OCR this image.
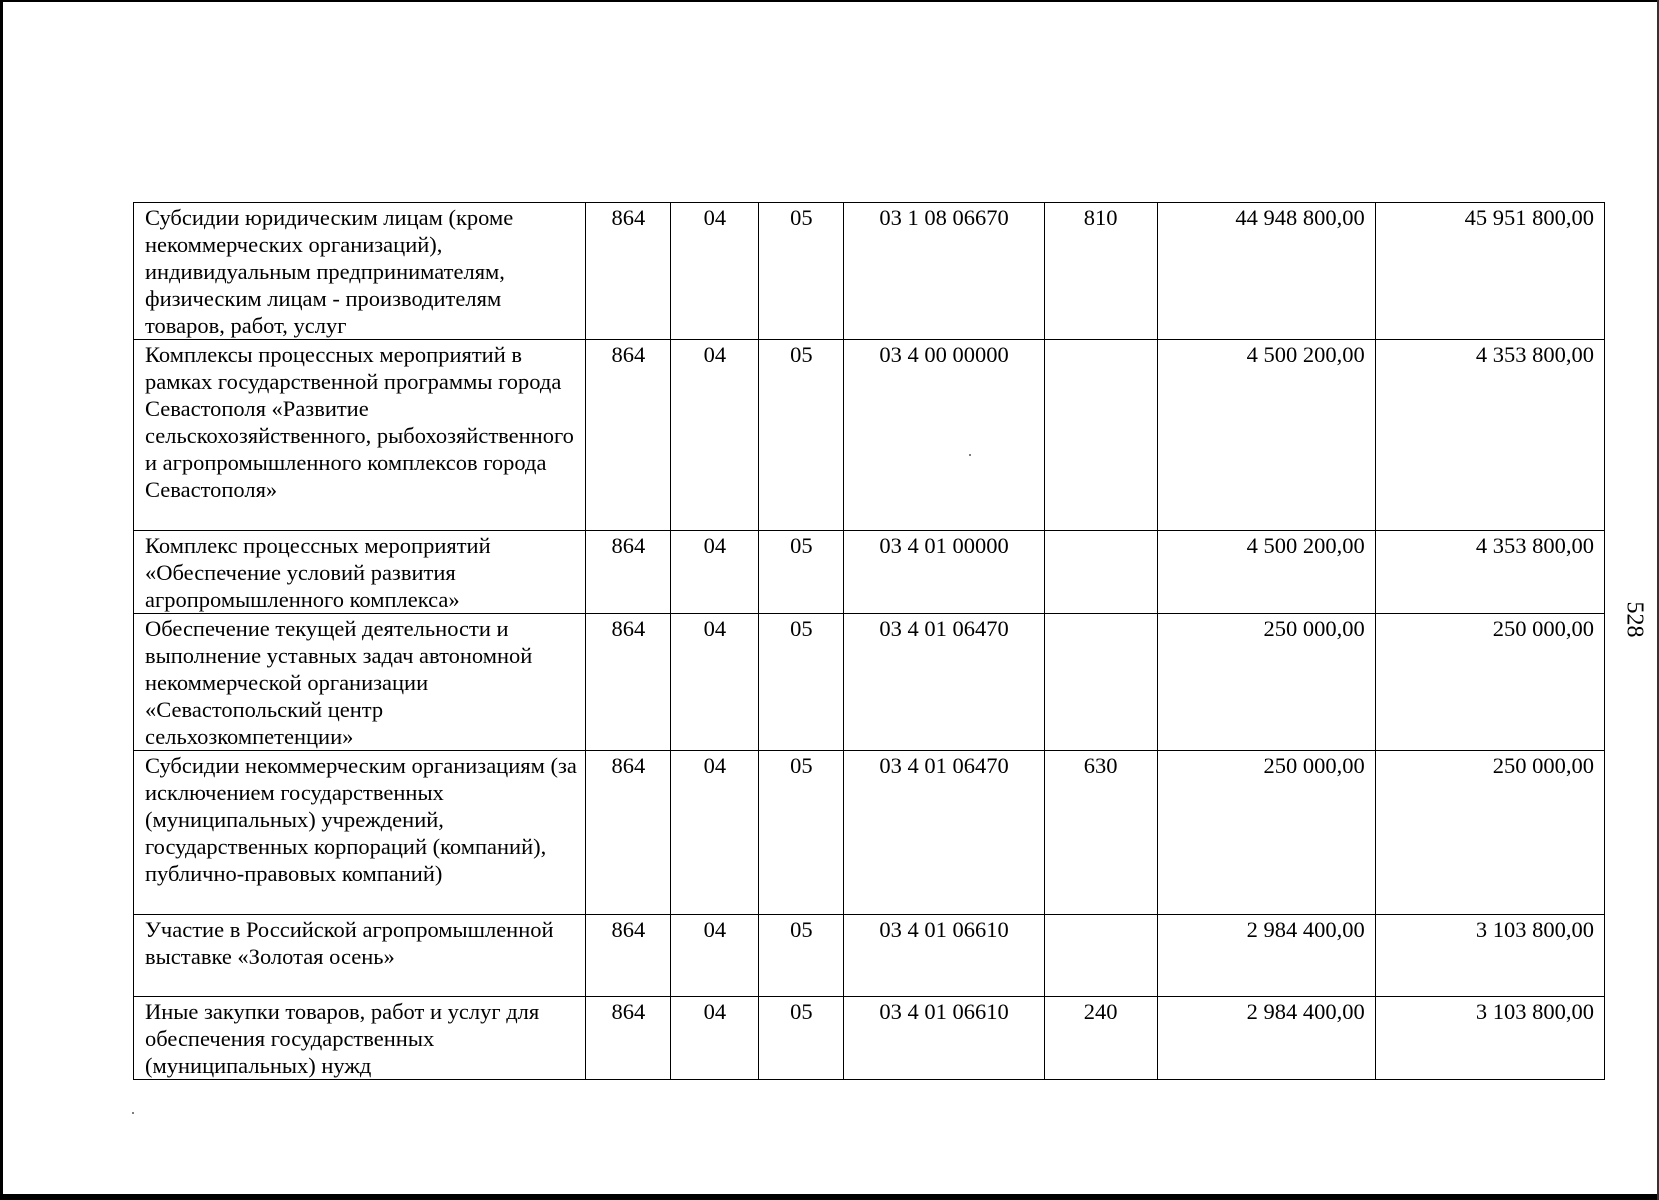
Субсидии юридическим лицам (кроме некоммерческих организаций), индивидуальным предпринимателям, физическим лицам - производителям товаров, работ, услуг	864	04	05	03 1 08 06670	810	44 948 800,00	45 951 800,00
Комплексы процессных мероприятий в рамках государственной программы города Севастополя «Развитие сельскохозяйственного, рыбохозяйственного и агропромышленного комплексов города Севастополя»	864	04	05	03 4 00 00000		4 500 200,00	4 353 800,00
Комплекс процессных мероприятий «Обеспечение условий развития агропромышленного комплекса»	864	04	05	03 4 01 00000		4 500 200,00	4 353 800,00
Обеспечение текущей деятельности и выполнение уставных задач автономной некоммерческой организации «Севастопольский центр сельхозкомпетенции»	864	04	05	03 4 01 06470		250 000,00	250 000,00
Субсидии некоммерческим организациям (за исключением государственных (муниципальных) учреждений, государственных корпораций (компаний), публично-правовых компаний)	864	04	05	03 4 01 06470	630	250 000,00	250 000,00
Участие в Российской агропромышленной выставке «Золотая осень»	864	04	05	03 4 01 06610		2 984 400,00	3 103 800,00
Иные закупки товаров, работ и услуг для обеспечения государственных (муниципальных) нужд	864	04	05	03 4 01 06610	240	2 984 400,00	3 103 800,00
528
